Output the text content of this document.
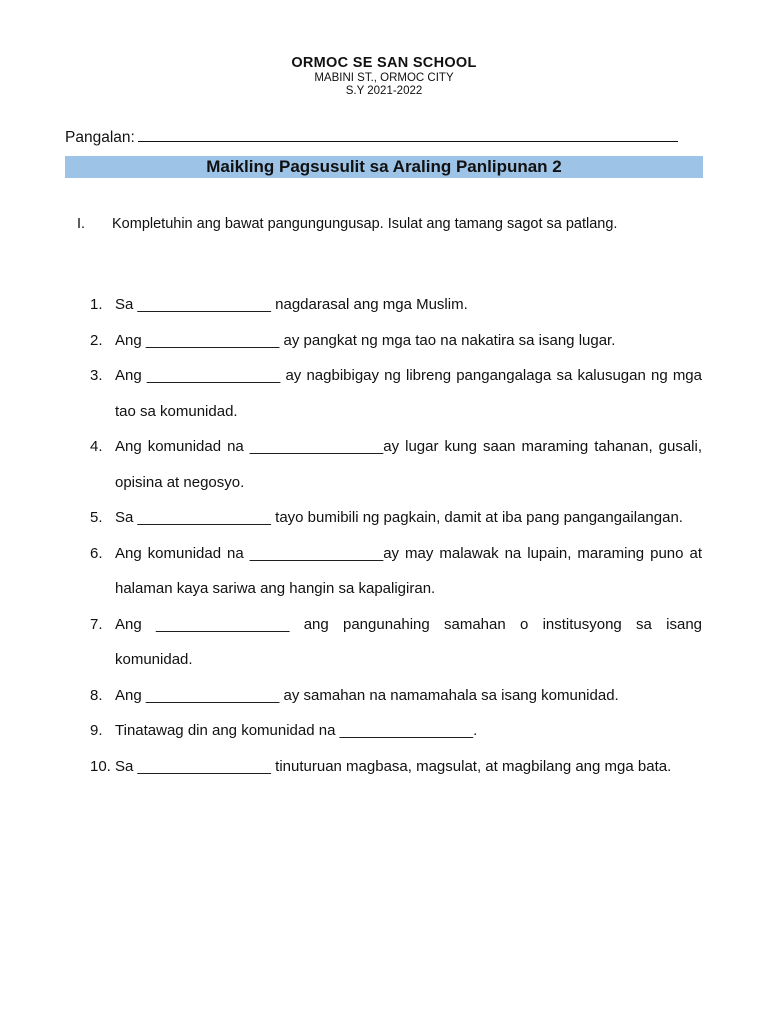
ORMOC SE SAN SCHOOL
MABINI ST., ORMOC CITY
S.Y 2021-2022
Pangalan:
Maikling Pagsusulit sa Araling Panlipunan 2
I. Kompletuhin ang bawat pangungungusap. Isulat ang tamang sagot sa patlang.
1. Sa ________________ nagdarasal ang mga Muslim.
2. Ang ________________ ay pangkat ng mga tao na nakatira sa isang lugar.
3. Ang ________________ ay nagbibigay ng libreng pangangalaga sa kalusugan ng mga tao sa komunidad.
4. Ang komunidad na ________________ay lugar kung saan maraming tahanan, gusali, opisina at negosyo.
5. Sa ________________ tayo bumibili ng pagkain, damit at iba pang pangangailangan.
6. Ang komunidad na ________________ay may malawak na lupain, maraming puno at halaman kaya sariwa ang hangin sa kapaligiran.
7. Ang ________________ ang pangunahing samahan o institusyong sa isang komunidad.
8. Ang ________________ ay samahan na namamahala sa isang komunidad.
9. Tinatawag din ang komunidad na ________________.
10. Sa ________________ tinuturuan magbasa, magsulat, at magbilang ang mga bata.
